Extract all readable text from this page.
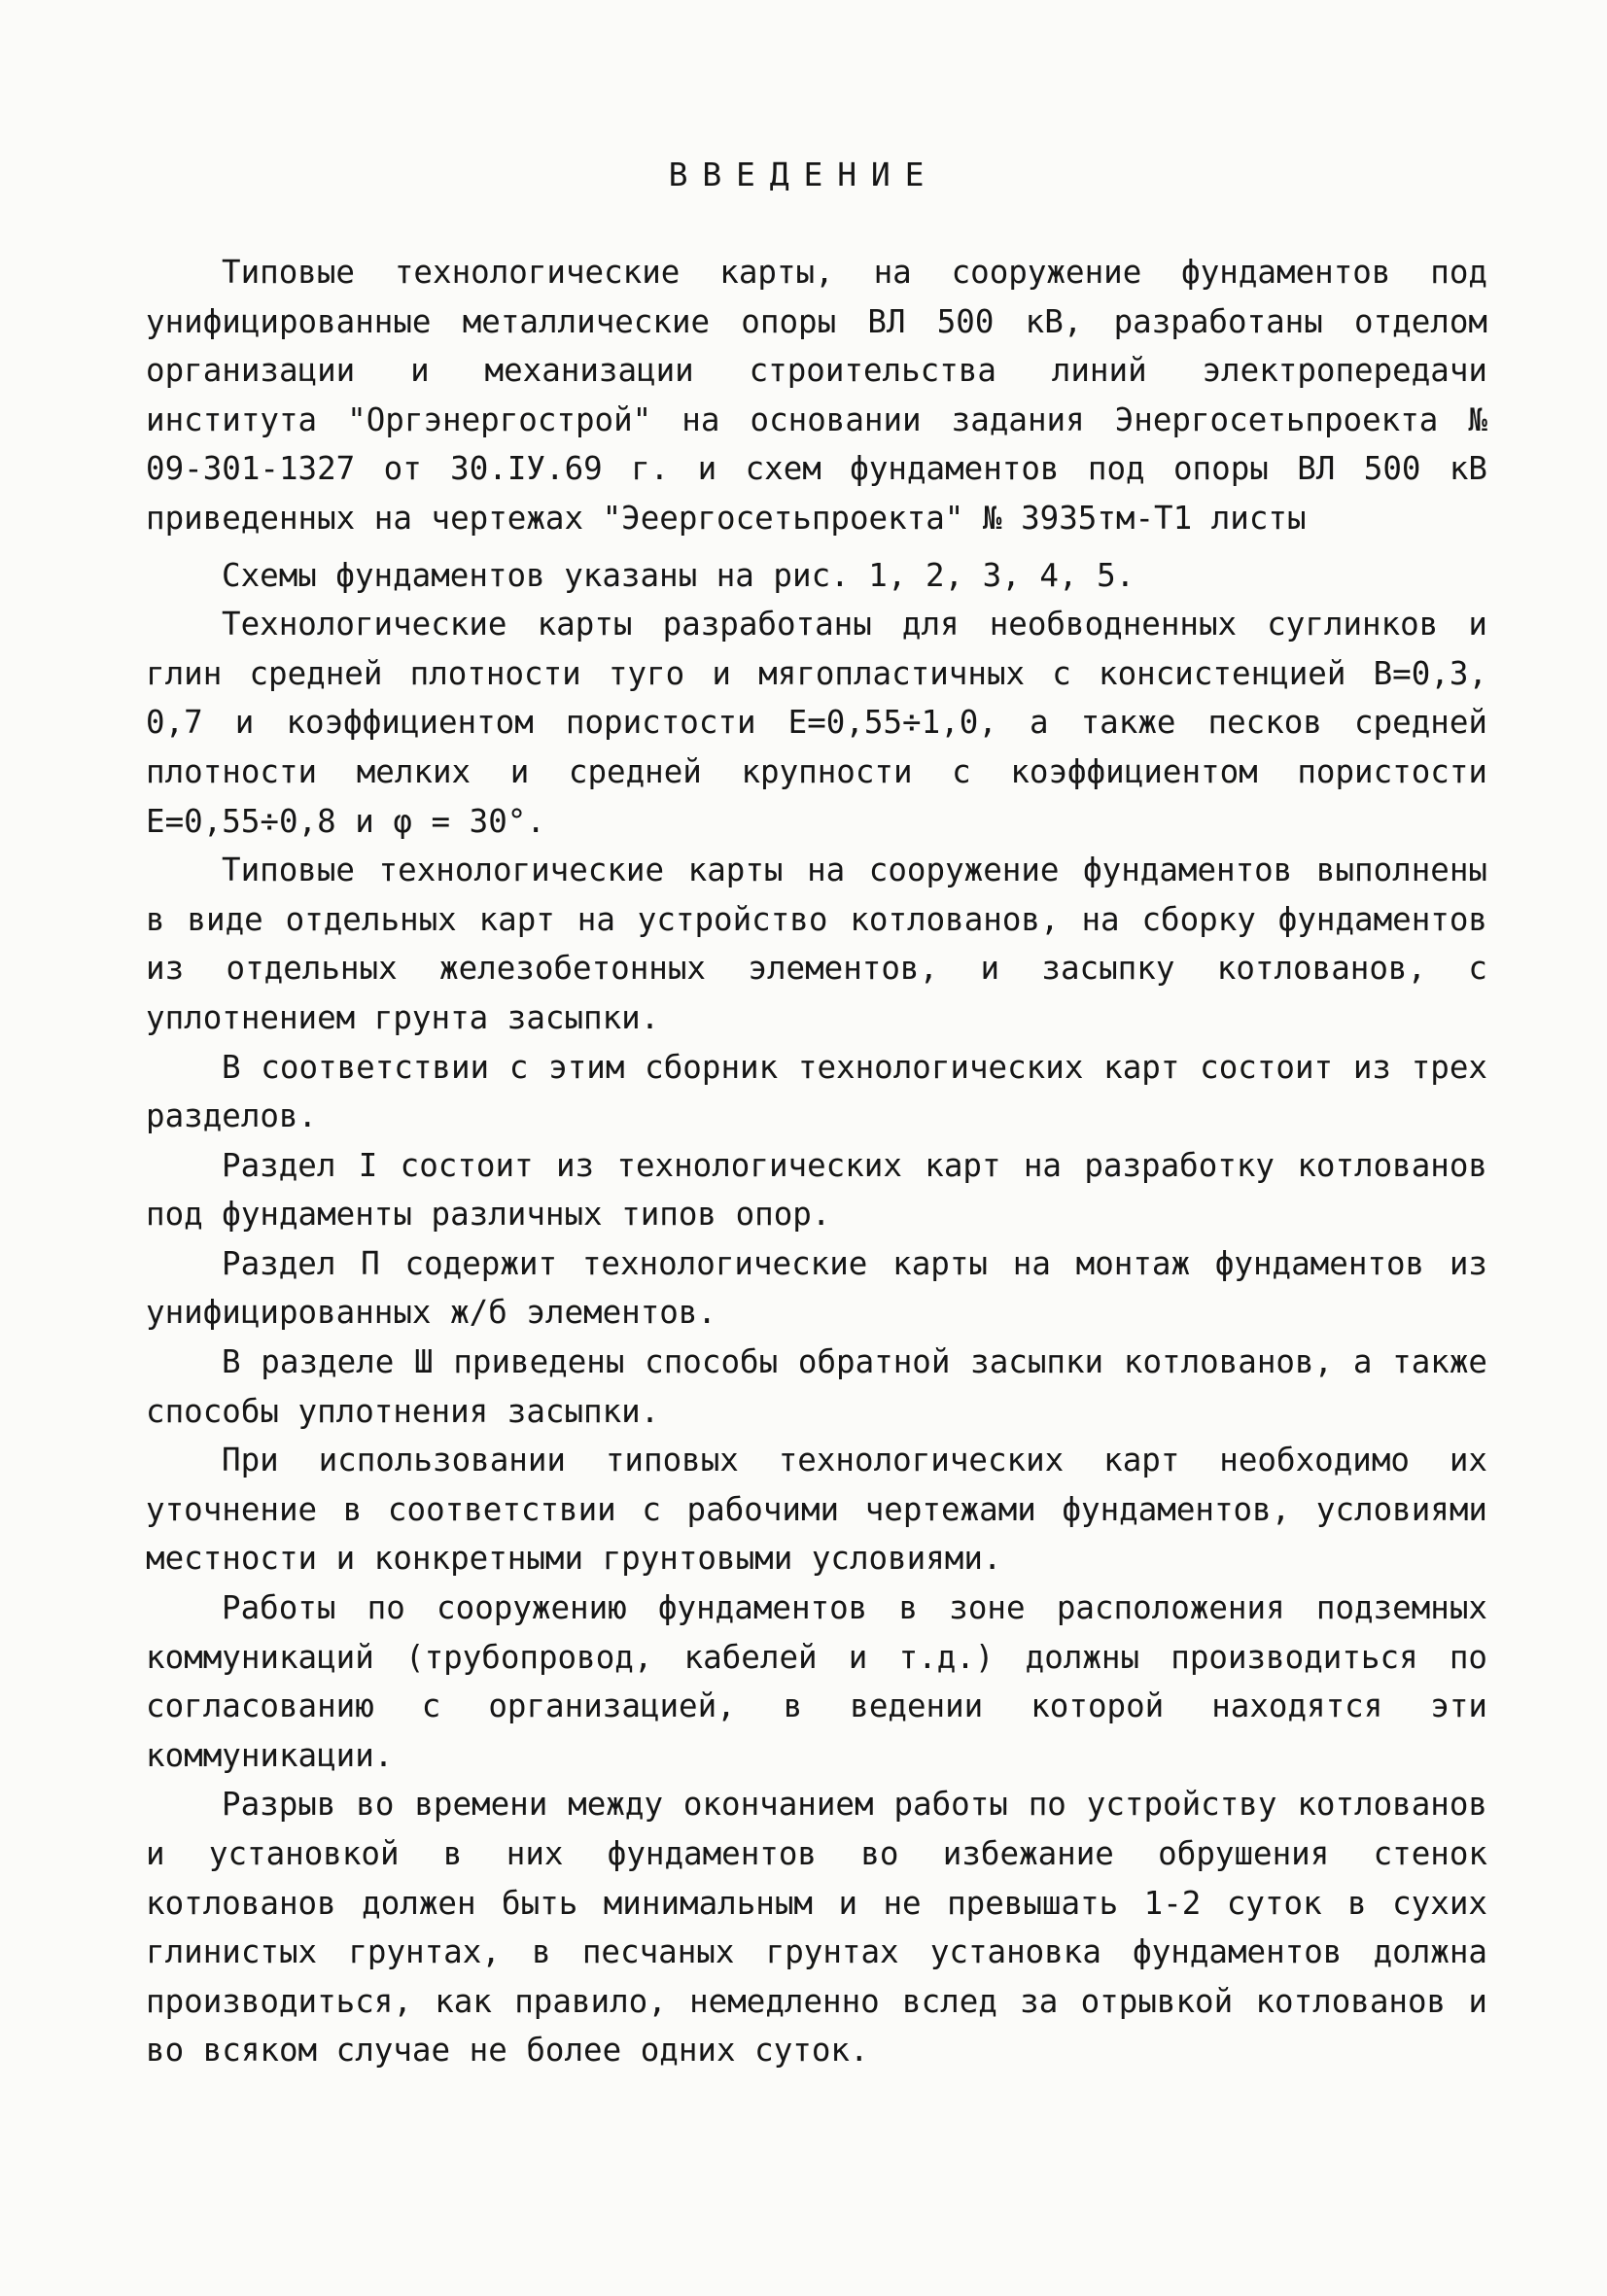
ВВЕДЕНИЕ

Типовые технологические карты, на сооружение фундаментов под унифицированные металлические опоры ВЛ 500 кВ, разработаны отделом организации и механизации строительства линий электропередачи института "Оргэнергострой" на основании задания Энергосетьпроекта № 09-301-1327 от 30.IУ.69 г. и схем фундаментов под опоры ВЛ 500 кВ приведенных на чертежах "Эеергосетьпроекта" № 3935тм-Т1 листы

Схемы фундаментов указаны на рис. 1, 2, 3, 4, 5.

Технологические карты разработаны для необводненных суглинков и глин средней плотности туго и мягопластичных с консистенцией В=0,3, 0,7 и коэффициентом пористости Е=0,55÷1,0, а также песков средней плотности мелких и средней крупности с коэффициентом пористости Е=0,55÷0,8 и φ = 30°.

Типовые технологические карты на сооружение фундаментов выполнены в виде отдельных карт на устройство котлованов, на сборку фундаментов из отдельных железобетонных элементов, и засыпку котлованов, с уплотнением грунта засыпки.

В соответствии с этим сборник технологических карт состоит из трех разделов.

Раздел I состоит из технологических карт на разработку котлованов под фундаменты различных типов опор.

Раздел П содержит технологические карты на монтаж фундаментов из унифицированных ж/б элементов.

В разделе Ш приведены способы обратной засыпки котлованов, а также способы уплотнения засыпки.

При использовании типовых технологических карт необходимо их уточнение в соответствии с рабочими чертежами фундаментов, условиями местности и конкретными грунтовыми условиями.

Работы по сооружению фундаментов в зоне расположения подземных коммуникаций (трубопровод, кабелей и т.д.) должны производиться по согласованию с организацией, в ведении которой находятся эти коммуникации.

Разрыв во времени между окончанием работы по устройству котлованов и установкой в них фундаментов во избежание обрушения стенок котлованов должен быть минимальным и не превышать 1-2 суток в сухих глинистых грунтах, в песчаных грунтах установка фундаментов должна производиться, как правило, немедленно вслед за отрывкой котлованов и во всяком случае не более одних суток.
